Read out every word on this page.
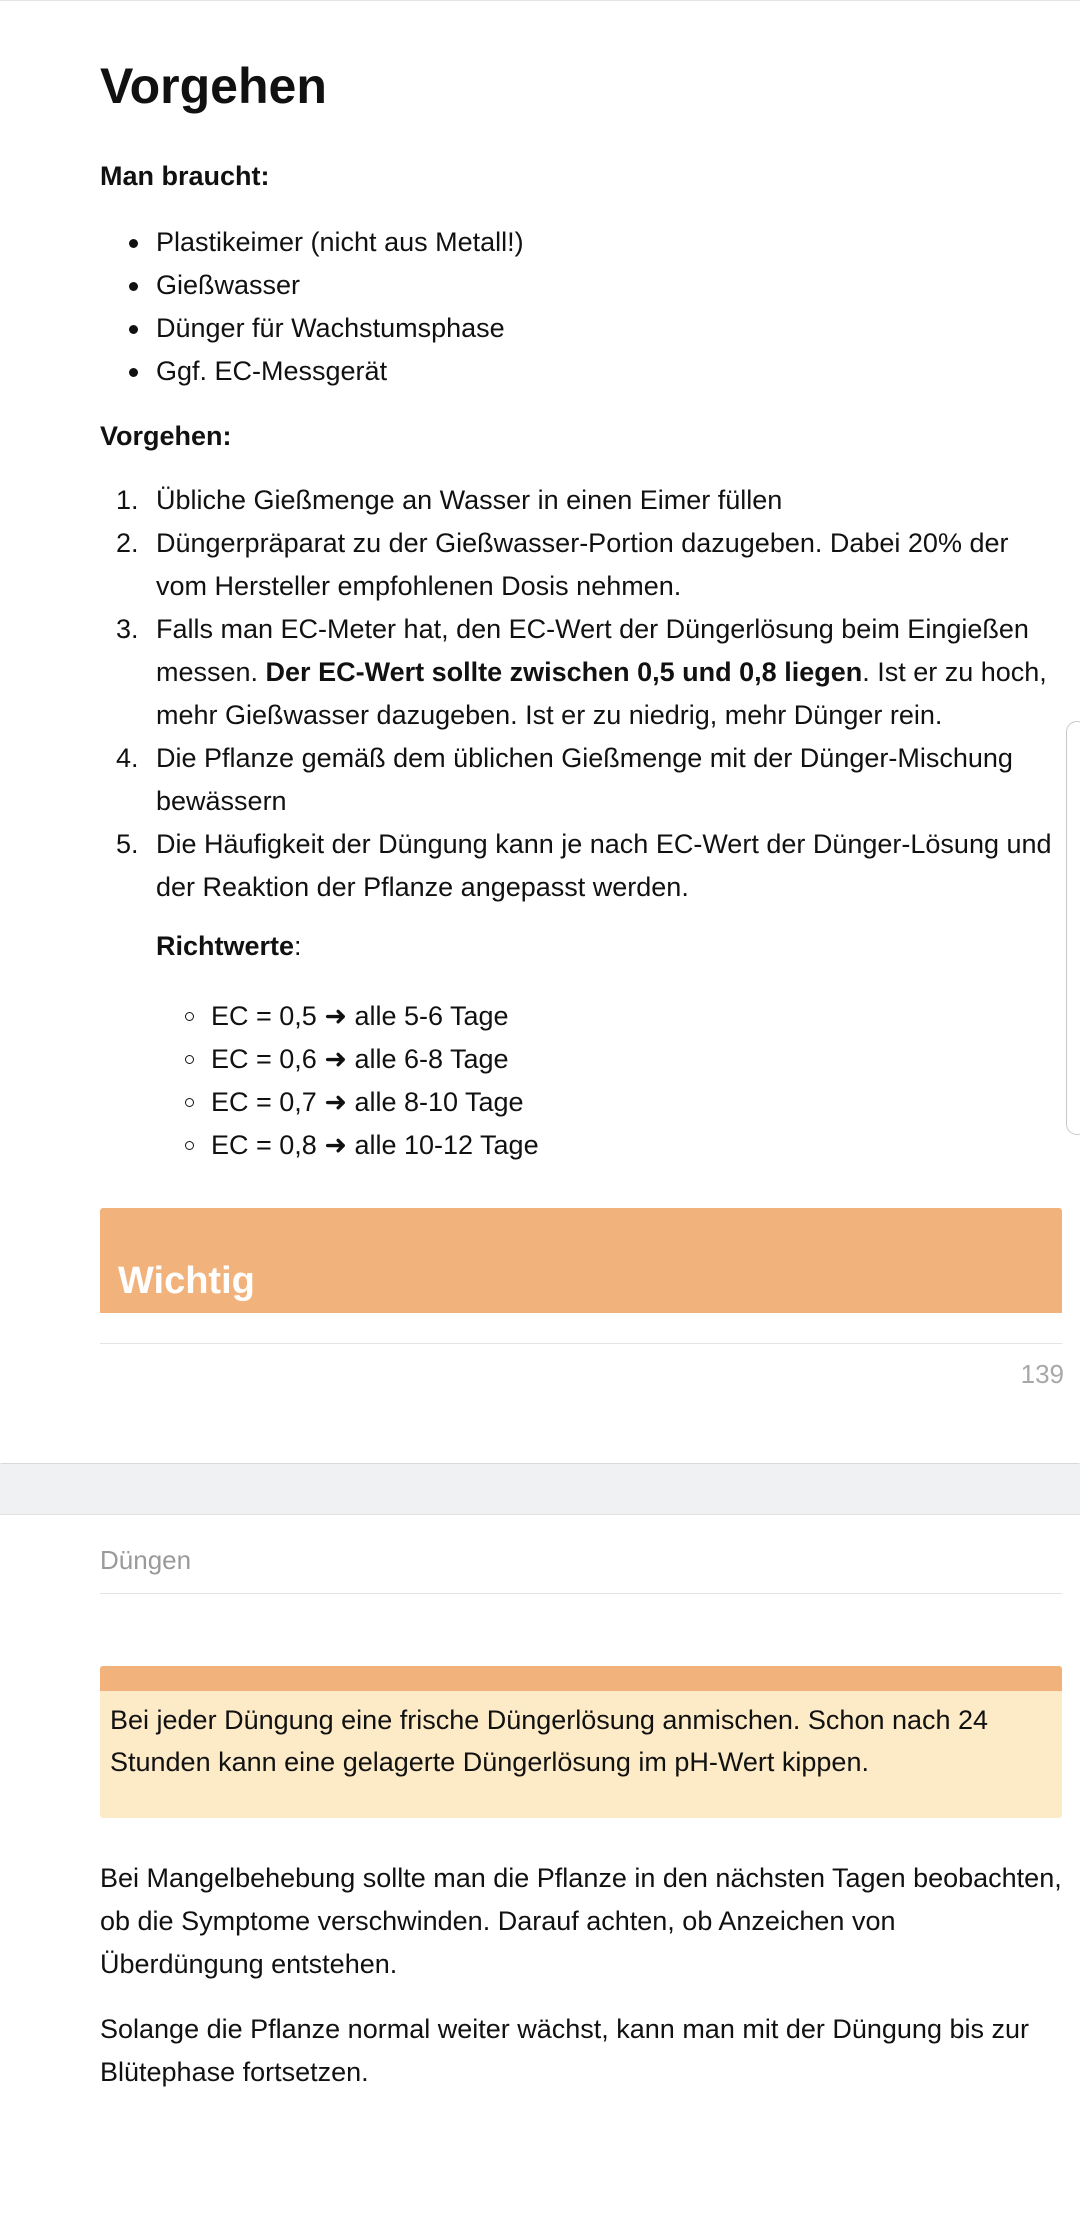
Vorgehen
Man braucht:
Plastikeimer (nicht aus Metall!)
Gießwasser
Dünger für Wachstumsphase
Ggf. EC-Messgerät
Vorgehen:
1. Übliche Gießmenge an Wasser in einen Eimer füllen
2. Düngerpräparat zu der Gießwasser-Portion dazugeben. Dabei 20% der vom Hersteller empfohlenen Dosis nehmen.
3. Falls man EC-Meter hat, den EC-Wert der Düngerlösung beim Eingießen messen. Der EC-Wert sollte zwischen 0,5 und 0,8 liegen. Ist er zu hoch, mehr Gießwasser dazugeben. Ist er zu niedrig, mehr Dünger rein.
4. Die Pflanze gemäß dem üblichen Gießmenge mit der Dünger-Mischung bewässern
5. Die Häufigkeit der Düngung kann je nach EC-Wert der Dünger-Lösung und der Reaktion der Pflanze angepasst werden.
Richtwerte:
EC = 0,5 ➜ alle 5-6 Tage
EC = 0,6 ➜ alle 6-8 Tage
EC = 0,7 ➜ alle 8-10 Tage
EC = 0,8 ➜ alle 10-12 Tage
Wichtig
139
Düngen
Bei jeder Düngung eine frische Düngerlösung anmischen. Schon nach 24 Stunden kann eine gelagerte Düngerlösung im pH-Wert kippen.
Bei Mangelbehebung sollte man die Pflanze in den nächsten Tagen beobachten, ob die Symptome verschwinden. Darauf achten, ob Anzeichen von Überdüngung entstehen.
Solange die Pflanze normal weiter wächst, kann man mit der Düngung bis zur Blütephase fortsetzen.
